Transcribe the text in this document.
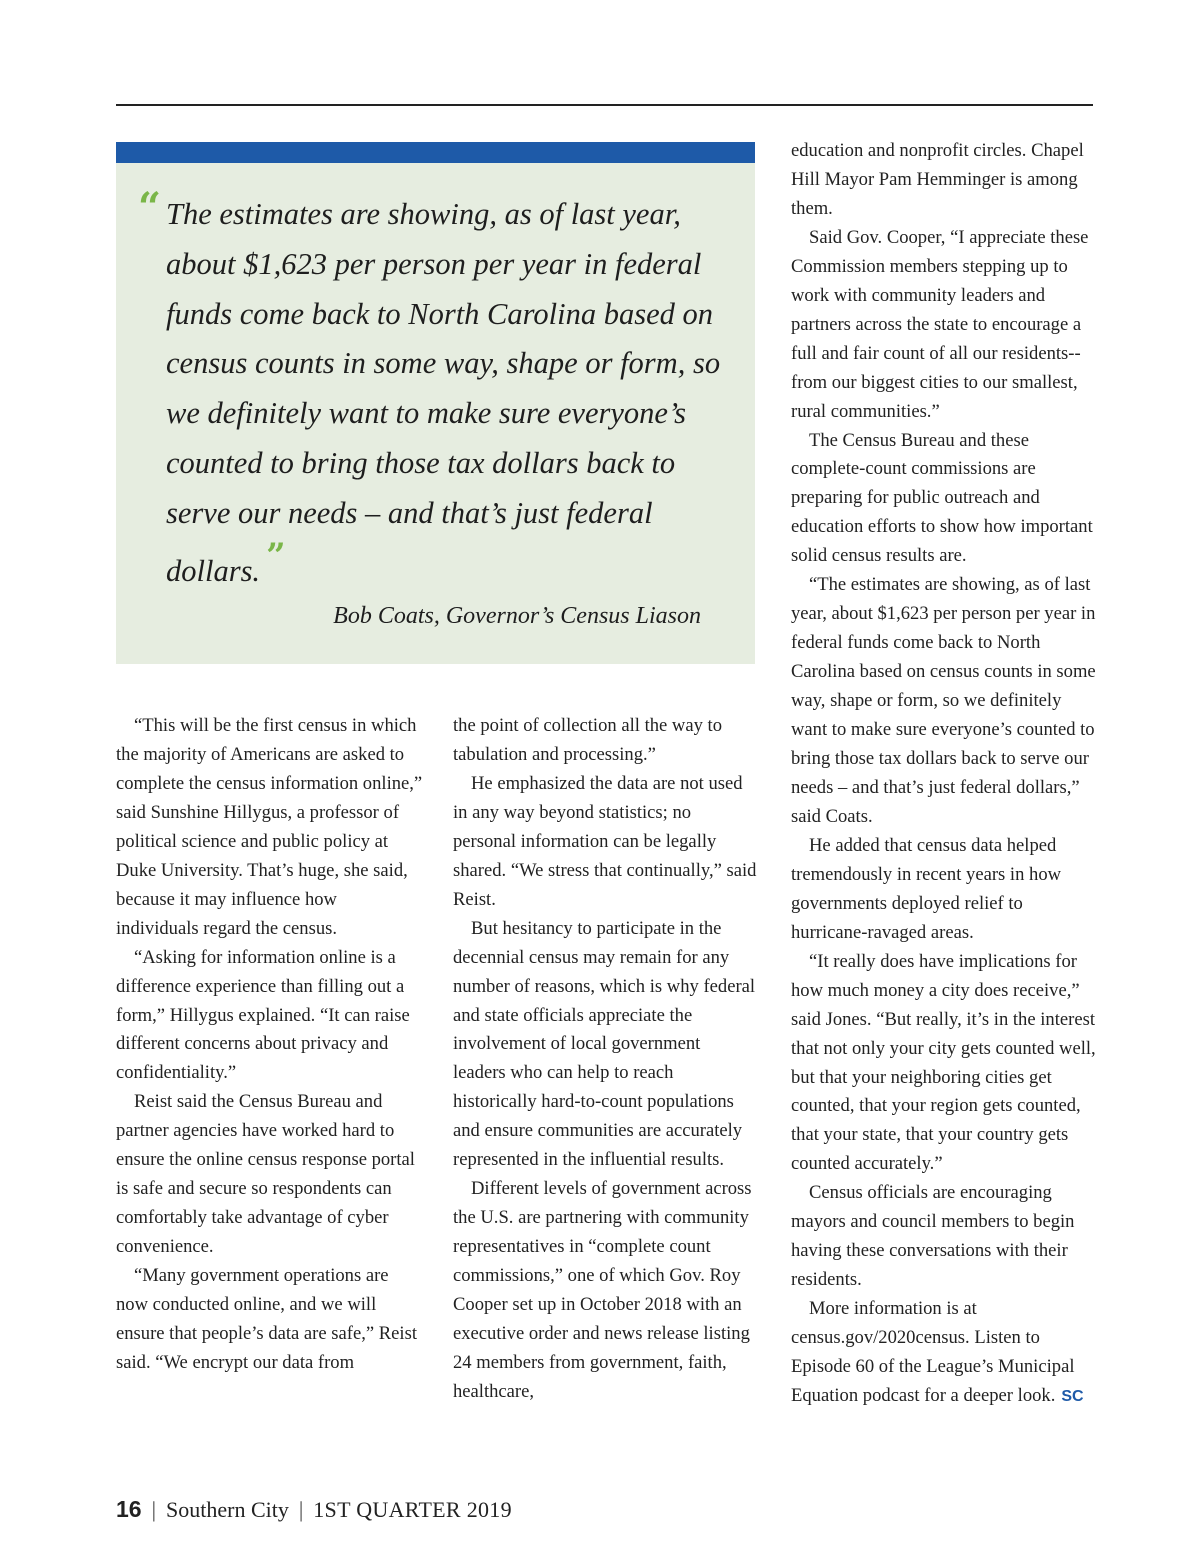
“ The estimates are showing, as of last year, about $1,623 per person per year in federal funds come back to North Carolina based on census counts in some way, shape or form, so we definitely want to make sure everyone’s counted to bring those tax dollars back to serve our needs – and that’s just federal dollars. ”
Bob Coats, Governor’s Census Liason

“This will be the first census in which the majority of Americans are asked to complete the census information online,” said Sunshine Hillygus, a professor of political science and public policy at Duke University. That’s huge, she said, because it may influence how individuals regard the census.

“Asking for information online is a difference experience than filling out a form,” Hillygus explained. “It can raise different concerns about privacy and confidentiality.”

Reist said the Census Bureau and partner agencies have worked hard to ensure the online census response portal is safe and secure so respondents can comfortably take advantage of cyber convenience.

“Many government operations are now conducted online, and we will ensure that people’s data are safe,” Reist said. “We encrypt our data from

the point of collection all the way to tabulation and processing.”

He emphasized the data are not used in any way beyond statistics; no personal information can be legally shared. “We stress that continually,” said Reist.

But hesitancy to participate in the decennial census may remain for any number of reasons, which is why federal and state officials appreciate the involvement of local government leaders who can help to reach historically hard-to-count populations and ensure communities are accurately represented in the influential results.

Different levels of government across the U.S. are partnering with community representatives in “complete count commissions,” one of which Gov. Roy Cooper set up in October 2018 with an executive order and news release listing 24 members from government, faith, healthcare,

education and nonprofit circles. Chapel Hill Mayor Pam Hemminger is among them.

Said Gov. Cooper, “I appreciate these Commission members stepping up to work with community leaders and partners across the state to encourage a full and fair count of all our residents--from our biggest cities to our smallest, rural communities.”

The Census Bureau and these complete-count commissions are preparing for public outreach and education efforts to show how important solid census results are.

“The estimates are showing, as of last year, about $1,623 per person per year in federal funds come back to North Carolina based on census counts in some way, shape or form, so we definitely want to make sure everyone’s counted to bring those tax dollars back to serve our needs – and that’s just federal dollars,” said Coats.

He added that census data helped tremendously in recent years in how governments deployed relief to hurricane-ravaged areas.

“It really does have implications for how much money a city does receive,” said Jones. “But really, it’s in the interest that not only your city gets counted well, but that your neighboring cities get counted, that your region gets counted, that your state, that your country gets counted accurately.”

Census officials are encouraging mayors and council members to begin having these conversations with their residents.

More information is at census.gov/2020census. Listen to Episode 60 of the League’s Municipal Equation podcast for a deeper look. SC

16 | Southern City | 1ST QUARTER 2019
